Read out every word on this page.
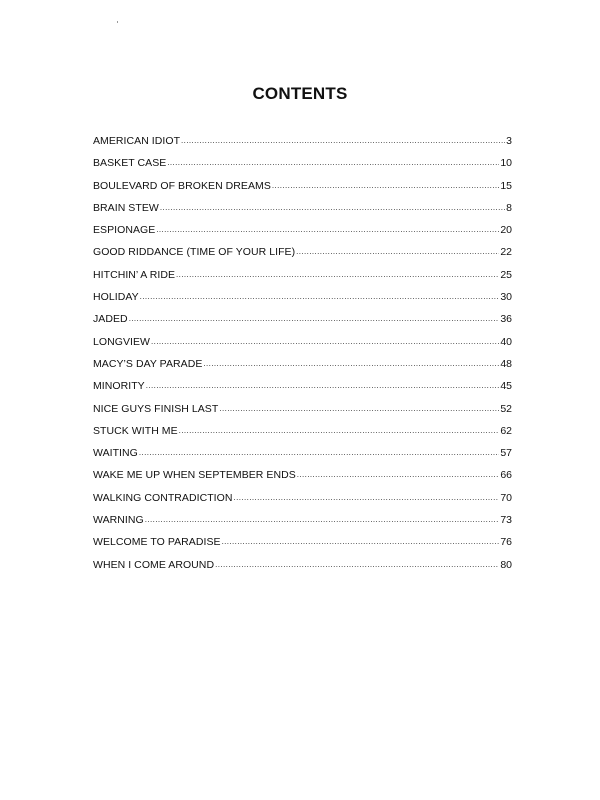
CONTENTS
AMERICAN IDIOT .....	3
BASKET CASE .....	10
BOULEVARD OF BROKEN DREAMS .....	15
BRAIN STEW .....	8
ESPIONAGE .....	20
GOOD RIDDANCE (TIME OF YOUR LIFE) .....	22
HITCHIN’ A RIDE .....	25
HOLIDAY .....	30
JADED .....	36
LONGVIEW .....	40
MACY’S DAY PARADE .....	48
MINORITY .....	45
NICE GUYS FINISH LAST .....	52
STUCK WITH ME .....	62
WAITING .....	57
WAKE ME UP WHEN SEPTEMBER ENDS .....	66
WALKING CONTRADICTION .....	70
WARNING .....	73
WELCOME TO PARADISE .....	76
WHEN I COME AROUND .....	80
